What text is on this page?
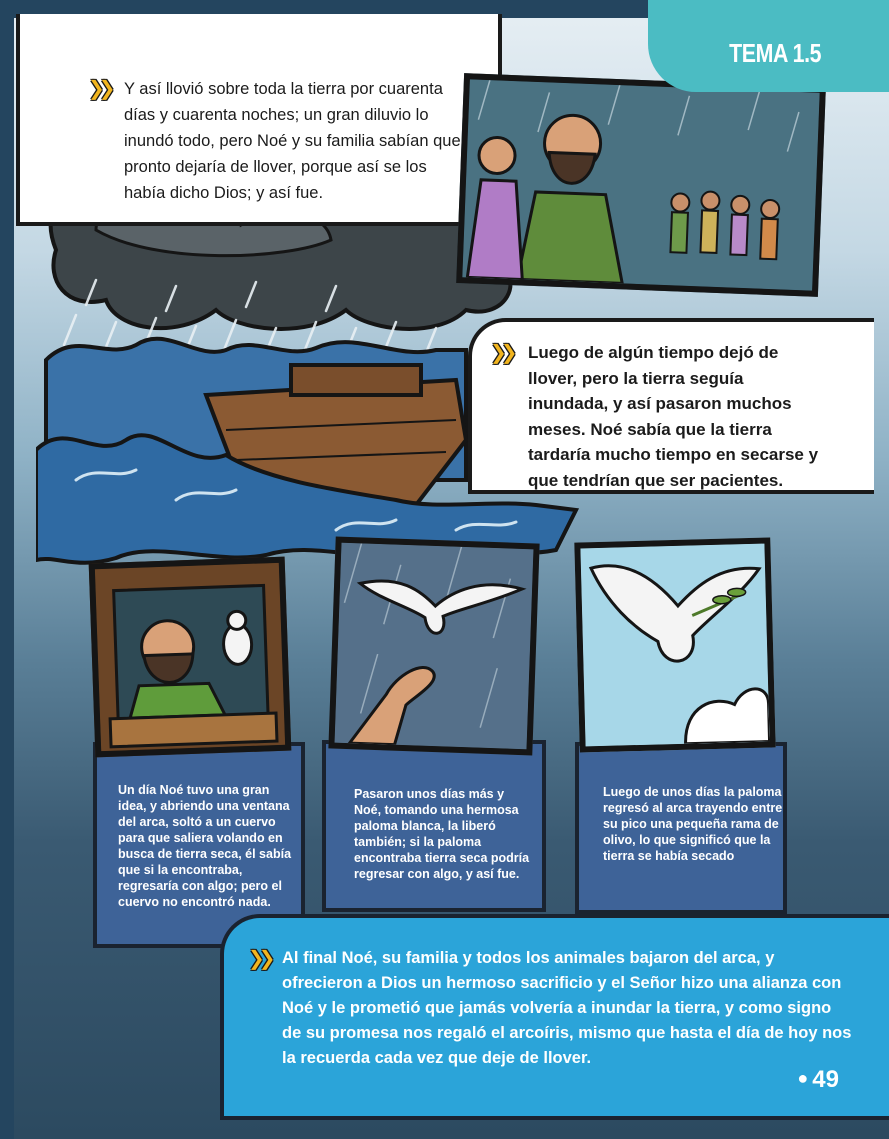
❯❯ Y así llovió sobre toda la tierra por cuarenta días y cuarenta noches; un gran diluvio lo inundó todo, pero Noé y su familia sabían que pronto dejaría de llover, porque así se los había dicho Dios; y así fue.
❯❯ Luego de algún tiempo dejó de llover, pero la tierra seguía inundada, y así pasaron muchos meses. Noé sabía que la tierra tardaría mucho tiempo en secarse y que tendrían que ser pacientes.
Un día Noé tuvo una gran idea, y abriendo una ventana del arca, soltó a un cuervo para que saliera volando en busca de tierra seca, él sabía que si la encontraba, regresaría con algo; pero el cuervo no encontró nada.
Pasaron unos días más y Noé, tomando una hermosa paloma blanca, la liberó también; si la paloma encontraba tierra seca podría regresar con algo, y así fue.
Luego de unos días la paloma regresó al arca trayendo entre su pico una pequeña rama de olivo, lo que significó que la tierra se había secado
TEMA 1.5
❯❯ Al final Noé, su familia y todos los animales bajaron del arca, y ofrecieron a Dios un hermoso sacrificio y el Señor hizo una alianza con Noé y le prometió que jamás volvería a inundar la tierra, y como signo de su promesa nos regaló el arcoíris, mismo que hasta el día de hoy nos la recuerda cada vez que deje de llover.
● 49
